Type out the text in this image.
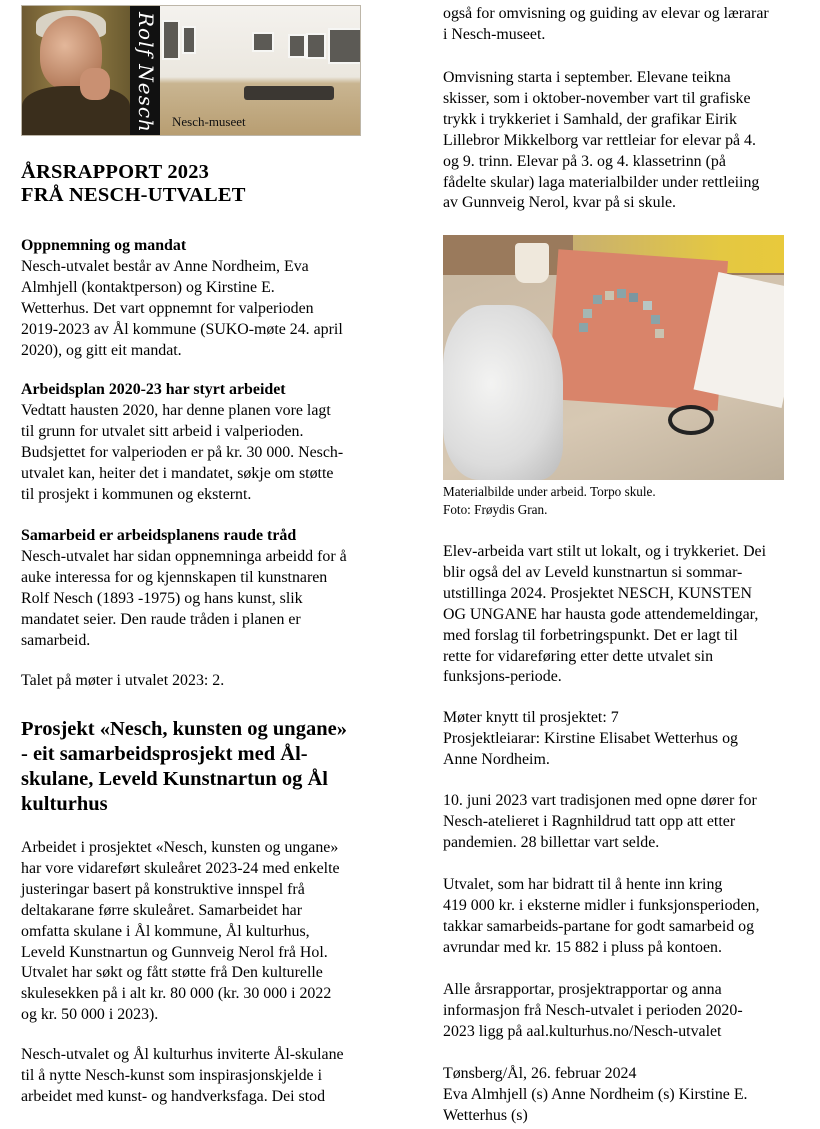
Rolf Nesch Nesch-museet
ÅRSRAPPORT 2023
FRÅ NESCH-UTVALET

Oppnemning og mandat

Nesch-utvalet består av Anne Nordheim, Eva

Almhjell (kontaktperson) og Kirstine E.

Wetterhus. Det vart oppnemnt for valperioden

2019-2023 av Ål kommune (SUKO-møte 24. april

2020), og gitt eit mandat.

Arbeidsplan 2020-23 har styrt arbeidet

Vedtatt hausten 2020, har denne planen vore lagt

til grunn for utvalet sitt arbeid i valperioden.

Budsjettet for valperioden er på kr. 30 000. Nesch-

utvalet kan, heiter det i mandatet, søkje om støtte

til prosjekt i kommunen og eksternt.

Samarbeid er arbeidsplanens raude tråd

Nesch-utvalet har sidan oppnemninga arbeidd for å

auke interessa for og kjennskapen til kunstnaren

Rolf Nesch (1893 -1975) og hans kunst, slik

mandatet seier. Den raude tråden i planen er

samarbeid.

Talet på møter i utvalet 2023: 2.

Prosjekt «Nesch, kunsten og ungane»
- eit samarbeidsprosjekt med Ål-
skulane, Leveld Kunstnartun og Ål
kulturhus

Arbeidet i prosjektet «Nesch, kunsten og ungane»

har vore vidareført skuleåret 2023-24 med enkelte

justeringar basert på konstruktive innspel frå

deltakarane førre skuleåret. Samarbeidet har

omfatta skulane i Ål kommune, Ål kulturhus,

Leveld Kunstnartun og Gunnveig Nerol frå Hol.

Utvalet har søkt og fått støtte frå Den kulturelle

skulesekken på i alt kr. 80 000 (kr. 30 000 i 2022

og kr. 50 000 i 2023).

Nesch-utvalet og Ål kulturhus inviterte Ål-skulane

til å nytte Nesch-kunst som inspirasjonskjelde i

arbeidet med kunst- og handverksfaga. Dei stod

også for omvisning og guiding av elevar og lærarar

i Nesch-museet.

Omvisning starta i september. Elevane teikna

skisser, som i oktober-november vart til grafiske

trykk i trykkeriet i Samhald, der grafikar Eirik

Lillebror Mikkelborg var rettleiar for elevar på 4.

og 9. trinn. Elevar på 3. og 4. klassetrinn (på

fådelte skular) laga materialbilder under rettleiing

av Gunnveig Nerol, kvar på si skule.

Materialbilde under arbeid. Torpo skule.
Foto: Frøydis Gran.

Elev-arbeida vart stilt ut lokalt, og i trykkeriet. Dei

blir også del av Leveld kunstnartun si sommar-

utstillinga 2024. Prosjektet NESCH, KUNSTEN

OG UNGANE har hausta gode attendemeldingar,

med forslag til forbetringspunkt. Det er lagt til

rette for vidareføring etter dette utvalet sin

funksjons-periode.

Møter knytt til prosjektet: 7

Prosjektleiarar: Kirstine Elisabet Wetterhus og

Anne Nordheim.

10. juni 2023 vart tradisjonen med opne dører for

Nesch-atelieret i Ragnhildrud tatt opp att etter

pandemien. 28 billettar vart selde.

Utvalet, som har bidratt til å hente inn kring

419 000 kr. i eksterne midler i funksjonsperioden,

takkar samarbeids-partane for godt samarbeid og

avrundar med kr. 15 882 i pluss på kontoen.

Alle årsrapportar, prosjektrapportar og anna

informasjon frå Nesch-utvalet i perioden 2020-

2023 ligg på aal.kulturhus.no/Nesch-utvalet

Tønsberg/Ål, 26. februar 2024

Eva Almhjell (s) Anne Nordheim (s) Kirstine E.

Wetterhus (s)
